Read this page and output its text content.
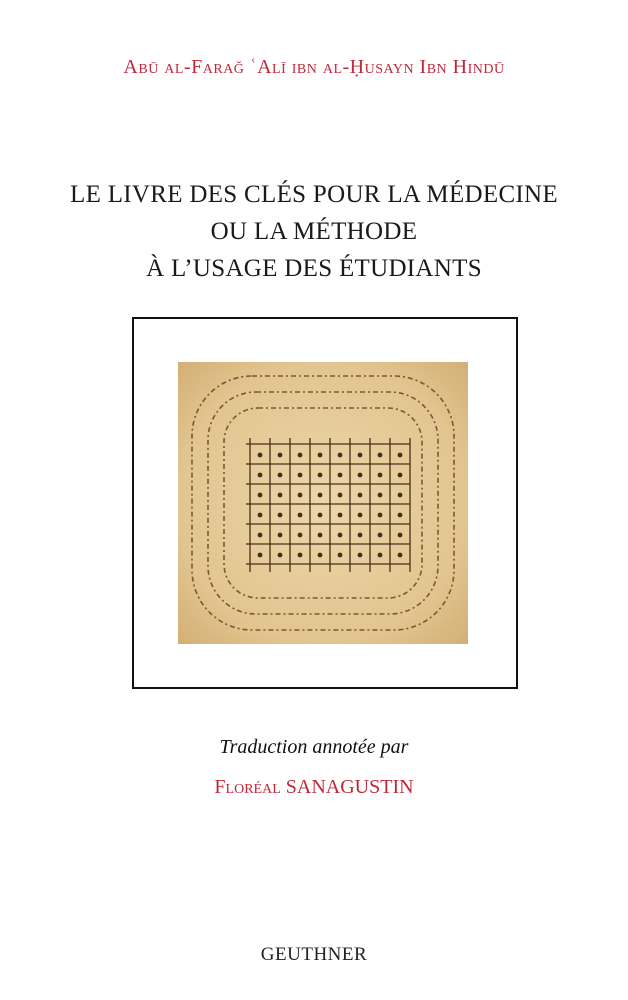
Abū al-Farağ ʿAlī ibn al-Ḥusayn Ibn Hindū
LE LIVRE DES CLÉS POUR LA MÉDECINE
OU LA MÉTHODE
À L’USAGE DES ÉTUDIANTS
Traduction annotée par
Floréal SANAGUSTIN
GEUTHNER
